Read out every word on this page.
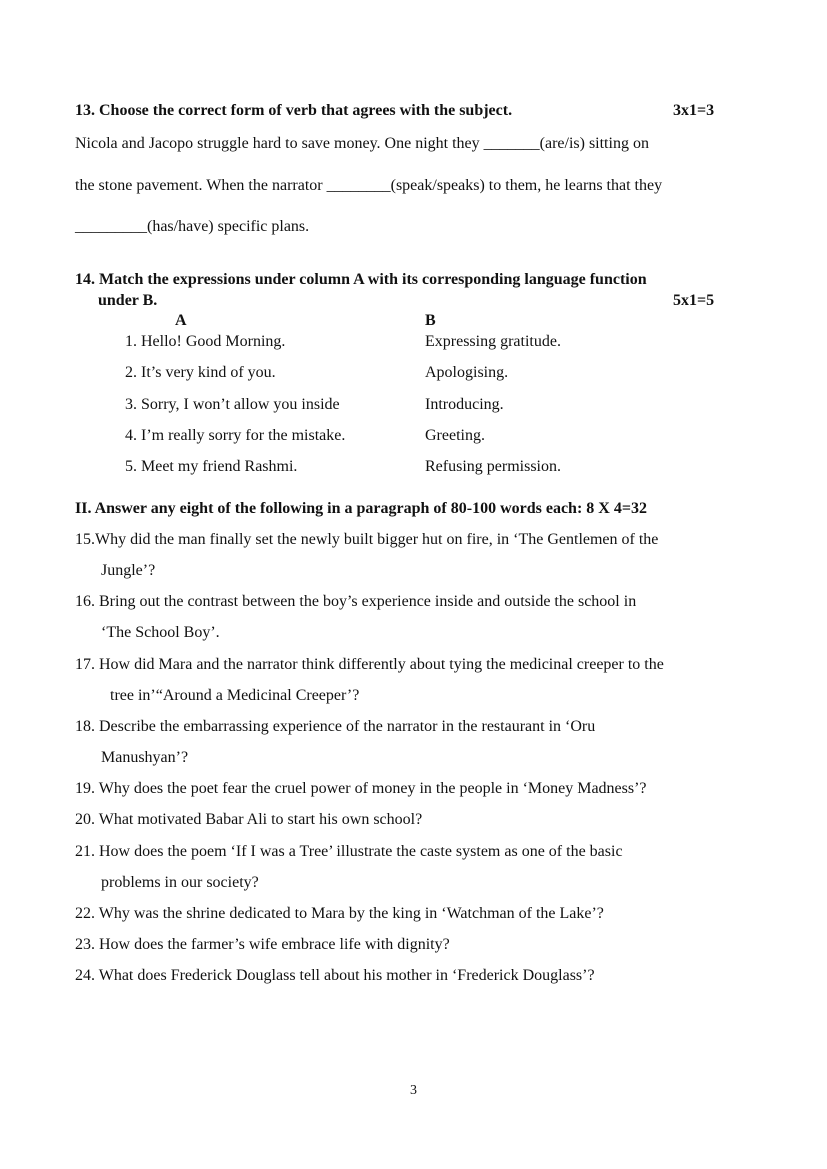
13. Choose the correct form of verb that agrees with the subject.	3x1=3
Nicola and Jacopo struggle hard to save money. One night they _______(are/is) sitting on
the stone pavement. When the narrator ________(speak/speaks) to them, he learns that they
_________(has/have) specific plans.
14. Match the expressions under column A with its corresponding language function
under B.	5x1=5
A	B
1. Hello! Good Morning.	Expressing gratitude.
2. It’s very kind of you.	Apologising.
3. Sorry, I won’t allow you inside	Introducing.
4. I’m really sorry for the mistake.	Greeting.
5. Meet my friend Rashmi.	Refusing permission.
II. Answer any eight of the following in a paragraph of 80-100 words each: 8 X 4=32
15.Why did the man finally set the newly built bigger hut on fire, in ‘The Gentlemen of the
Jungle’?
16. Bring out the contrast between the boy’s experience inside and outside the school in
‘The School Boy’.
17. How did Mara and the narrator think differently about tying the medicinal creeper to the
tree in’“Around a Medicinal Creeper’?
18. Describe the embarrassing experience of the narrator in the restaurant in ‘Oru
Manushyan’?
19. Why does the poet fear the cruel power of money in the people in ‘Money Madness’?
20. What motivated Babar Ali to start his own school?
21. How does the poem ‘If I was a Tree’ illustrate the caste system as one of the basic
problems in our society?
22. Why was the shrine dedicated to Mara by the king in ‘Watchman of the Lake’?
23. How does the farmer’s wife embrace life with dignity?
24. What does Frederick Douglass tell about his mother in ‘Frederick Douglass’?
3
